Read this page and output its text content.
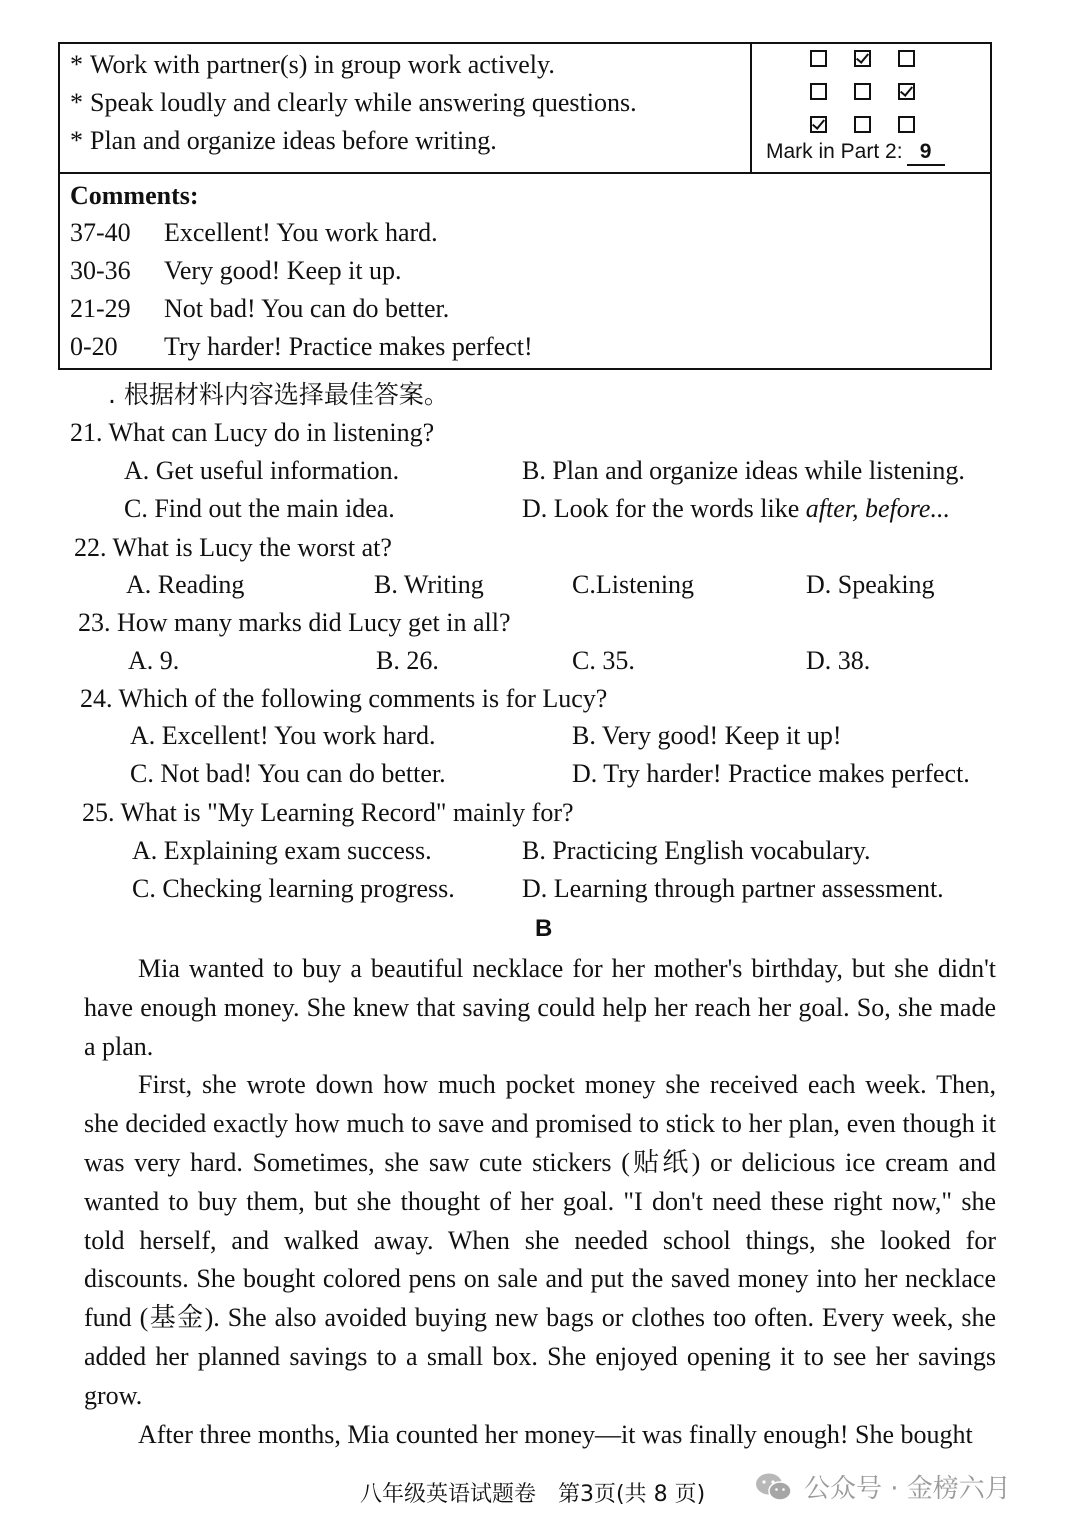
* Work with partner(s) in group work actively.
* Speak loudly and clearly while answering questions.
* Plan and organize ideas before writing.	Mark in Part 2: 9
Comments:
37-40	Excellent! You work hard.
30-36	Very good! Keep it up.
21-29	Not bad! You can do better.
0-20	Try harder! Practice makes perfect!
. 根据材料内容选择最佳答案。
21. What can Lucy do in listening?
A. Get useful information.	B. Plan and organize ideas while listening.
C. Find out the main idea.	D. Look for the words like after, before...
22. What is Lucy the worst at?
A. Reading	B. Writing	C.Listening	D. Speaking
23. How many marks did Lucy get in all?
A. 9.	B. 26.	C. 35.	D. 38.
24. Which of the following comments is for Lucy?
A. Excellent! You work hard.	B. Very good! Keep it up!
C. Not bad! You can do better.	D. Try harder! Practice makes perfect.
25. What is "My Learning Record" mainly for?
A. Explaining exam success.	B. Practicing English vocabulary.
C. Checking learning progress.	D. Learning through partner assessment.
B

Mia wanted to buy a beautiful necklace for her mother's birthday, but she didn't have enough money. She knew that saving could help her reach her goal. So, she made a plan.

First, she wrote down how much pocket money she received each week. Then, she decided exactly how much to save and promised to stick to her plan, even though it was very hard. Sometimes, she saw cute stickers (贴纸) or delicious ice cream and wanted to buy them, but she thought of her goal. "I don't need these right now," she told herself, and walked away. When she needed school things, she looked for discounts. She bought colored pens on sale and put the saved money into her necklace fund (基金). She also avoided buying new bags or clothes too often. Every week, she added her planned savings to a small box. She enjoyed opening it to see her savings grow.

After three months, Mia counted her money—it was finally enough! She bought

八年级英语试题卷　第3页(共 8 页)	公众号 · 金榜六月
